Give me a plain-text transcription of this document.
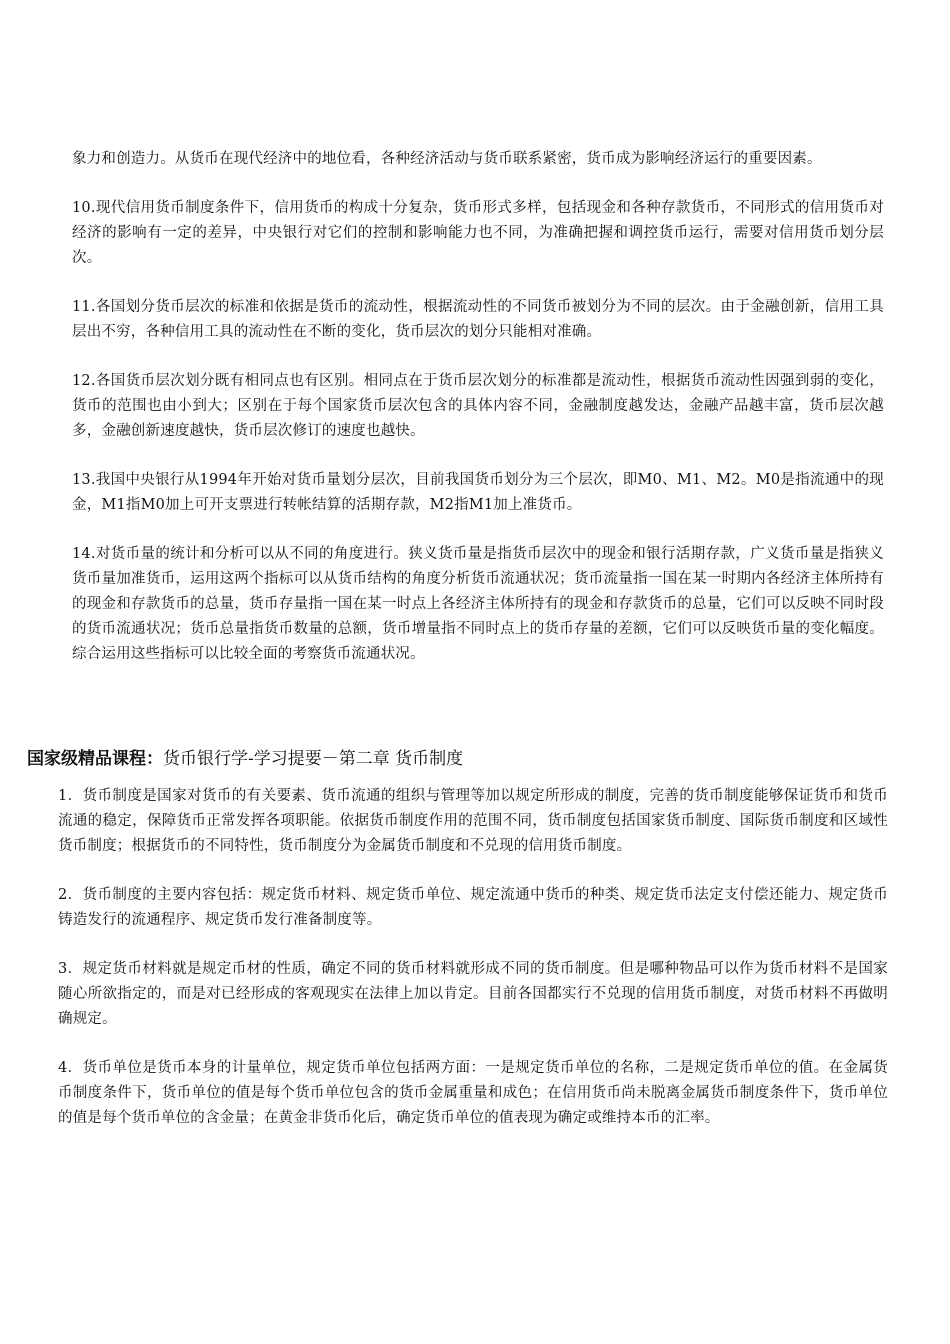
象力和创造力。从货币在现代经济中的地位看，各种经济活动与货币联系紧密，货币成为影响经济运行的重要因素。

10.现代信用货币制度条件下，信用货币的构成十分复杂，货币形式多样，包括现金和各种存款货币，不同形式的信用货币对经济的影响有一定的差异，中央银行对它们的控制和影响能力也不同，为准确把握和调控货币运行，需要对信用货币划分层次。

11.各国划分货币层次的标准和依据是货币的流动性，根据流动性的不同货币被划分为不同的层次。由于金融创新，信用工具层出不穷，各种信用工具的流动性在不断的变化，货币层次的划分只能相对准确。

12.各国货币层次划分既有相同点也有区别。相同点在于货币层次划分的标准都是流动性，根据货币流动性因强到弱的变化，货币的范围也由小到大；区别在于每个国家货币层次包含的具体内容不同，金融制度越发达，金融产品越丰富，货币层次越多，金融创新速度越快，货币层次修订的速度也越快。

13.我国中央银行从1994年开始对货币量划分层次，目前我国货币划分为三个层次，即M0、M1、M2。M0是指流通中的现金，M1指M0加上可开支票进行转帐结算的活期存款，M2指M1加上准货币。

14.对货币量的统计和分析可以从不同的角度进行。狭义货币量是指货币层次中的现金和银行活期存款，广义货币量是指狭义货币量加准货币，运用这两个指标可以从货币结构的角度分析货币流通状况；货币流量指一国在某一时期内各经济主体所持有的现金和存款货币的总量，货币存量指一国在某一时点上各经济主体所持有的现金和存款货币的总量，它们可以反映不同时段的货币流通状况；货币总量指货币数量的总额，货币增量指不同时点上的货币存量的差额，它们可以反映货币量的变化幅度。综合运用这些指标可以比较全面的考察货币流通状况。

国家级精品课程：货币银行学-学习提要－第二章 货币制度

1．货币制度是国家对货币的有关要素、货币流通的组织与管理等加以规定所形成的制度，完善的货币制度能够保证货币和货币流通的稳定，保障货币正常发挥各项职能。依据货币制度作用的范围不同，货币制度包括国家货币制度、国际货币制度和区域性货币制度；根据货币的不同特性，货币制度分为金属货币制度和不兑现的信用货币制度。

2．货币制度的主要内容包括：规定货币材料、规定货币单位、规定流通中货币的种类、规定货币法定支付偿还能力、规定货币铸造发行的流通程序、规定货币发行准备制度等。

3．规定货币材料就是规定币材的性质，确定不同的货币材料就形成不同的货币制度。但是哪种物品可以作为货币材料不是国家随心所欲指定的，而是对已经形成的客观现实在法律上加以肯定。目前各国都实行不兑现的信用货币制度，对货币材料不再做明确规定。

4．货币单位是货币本身的计量单位，规定货币单位包括两方面：一是规定货币单位的名称，二是规定货币单位的值。在金属货币制度条件下，货币单位的值是每个货币单位包含的货币金属重量和成色；在信用货币尚未脱离金属货币制度条件下，货币单位的值是每个货币单位的含金量；在黄金非货币化后，确定货币单位的值表现为确定或维持本币的汇率。
